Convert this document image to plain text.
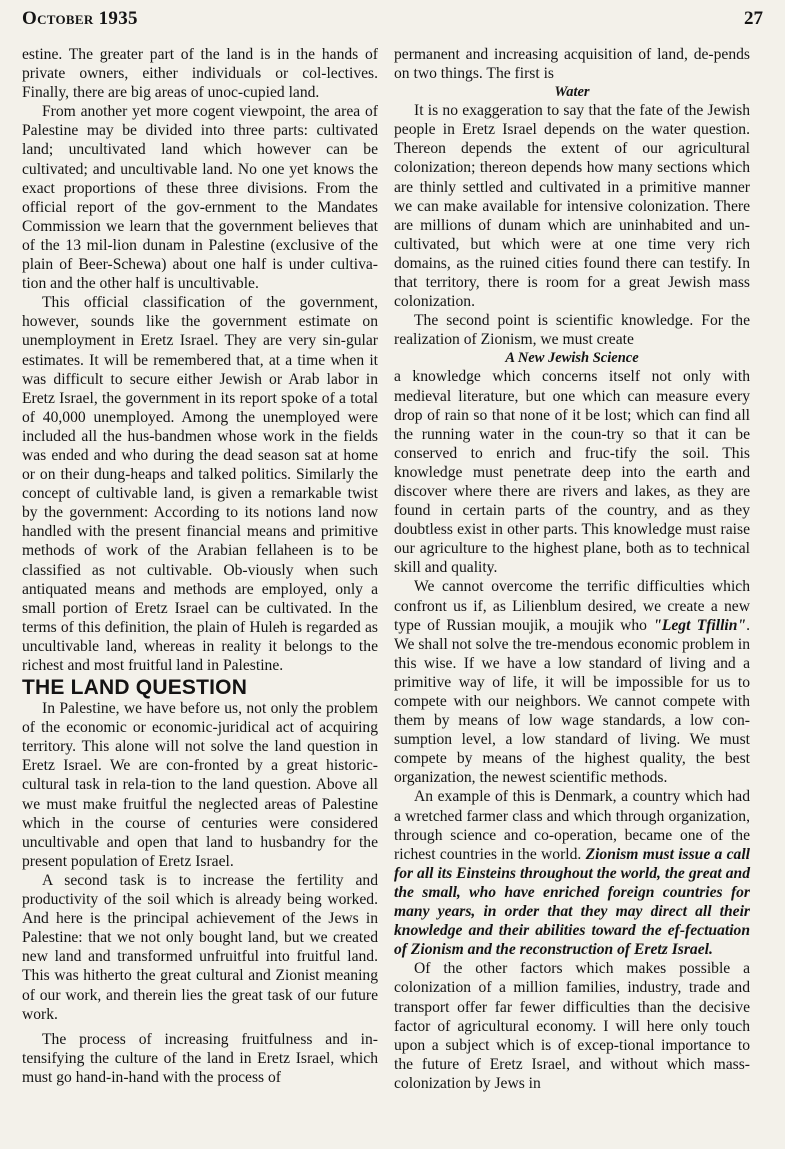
October 1935	27

estine. The greater part of the land is in the hands of private owners, either individuals or col-lectives. Finally, there are big areas of unoc-cupied land.

From another yet more cogent viewpoint, the area of Palestine may be divided into three parts: cultivated land; uncultivated land which however can be cultivated; and uncultivable land. No one yet knows the exact proportions of these three divisions. From the official report of the gov-ernment to the Mandates Commission we learn that the government believes that of the 13 mil-lion dunam in Palestine (exclusive of the plain of Beer-Schewa) about one half is under cultiva-tion and the other half is uncultivable.

This official classification of the government, however, sounds like the government estimate on unemployment in Eretz Israel. They are very sin-gular estimates. It will be remembered that, at a time when it was difficult to secure either Jewish or Arab labor in Eretz Israel, the government in its report spoke of a total of 40,000 unemployed. Among the unemployed were included all the hus-bandmen whose work in the fields was ended and who during the dead season sat at home or on their dung-heaps and talked politics. Similarly the concept of cultivable land, is given a remarkable twist by the government: According to its notions land now handled with the present financial means and primitive methods of work of the Arabian fellaheen is to be classified as not cultivable. Ob-viously when such antiquated means and methods are employed, only a small portion of Eretz Israel can be cultivated. In the terms of this definition, the plain of Huleh is regarded as uncultivable land, whereas in reality it belongs to the richest and most fruitful land in Palestine.

THE LAND QUESTION

In Palestine, we have before us, not only the problem of the economic or economic-juridical act of acquiring territory. This alone will not solve the land question in Eretz Israel. We are con-fronted by a great historic-cultural task in rela-tion to the land question. Above all we must make fruitful the neglected areas of Palestine which in the course of centuries were considered uncultivable and open that land to husbandry for the present population of Eretz Israel.

A second task is to increase the fertility and productivity of the soil which is already being worked. And here is the principal achievement of the Jews in Palestine: that we not only bought land, but we created new land and transformed unfruitful into fruitful land. This was hitherto the great cultural and Zionist meaning of our work, and therein lies the great task of our future work.

The process of increasing fruitfulness and in-tensifying the culture of the land in Eretz Israel, which must go hand-in-hand with the process of

permanent and increasing acquisition of land, de-pends on two things. The first is

Water

It is no exaggeration to say that the fate of the Jewish people in Eretz Israel depends on the water question. Thereon depends the extent of our agricultural colonization; thereon depends how many sections which are thinly settled and cultivated in a primitive manner we can make available for intensive colonization. There are millions of dunam which are uninhabited and un-cultivated, but which were at one time very rich domains, as the ruined cities found there can testify. In that territory, there is room for a great Jewish mass colonization.

The second point is scientific knowledge. For the realization of Zionism, we must create

A New Jewish Science

a knowledge which concerns itself not only with medieval literature, but one which can measure every drop of rain so that none of it be lost; which can find all the running water in the coun-try so that it can be conserved to enrich and fruc-tify the soil. This knowledge must penetrate deep into the earth and discover where there are rivers and lakes, as they are found in certain parts of the country, and as they doubtless exist in other parts. This knowledge must raise our agriculture to the highest plane, both as to technical skill and quality.

We cannot overcome the terrific difficulties which confront us if, as Lilienblum desired, we create a new type of Russian moujik, a moujik who "Legt Tfillin". We shall not solve the tre-mendous economic problem in this wise. If we have a low standard of living and a primitive way of life, it will be impossible for us to compete with our neighbors. We cannot compete with them by means of low wage standards, a low con-sumption level, a low standard of living. We must compete by means of the highest quality, the best organization, the newest scientific methods.

An example of this is Denmark, a country which had a wretched farmer class and which through organization, through science and co-operation, became one of the richest countries in the world. Zionism must issue a call for all its Einsteins throughout the world, the great and the small, who have enriched foreign countries for many years, in order that they may direct all their knowledge and their abilities toward the ef-fectuation of Zionism and the reconstruction of Eretz Israel.

Of the other factors which makes possible a colonization of a million families, industry, trade and transport offer far fewer difficulties than the decisive factor of agricultural economy. I will here only touch upon a subject which is of excep-tional importance to the future of Eretz Israel, and without which mass-colonization by Jews in
